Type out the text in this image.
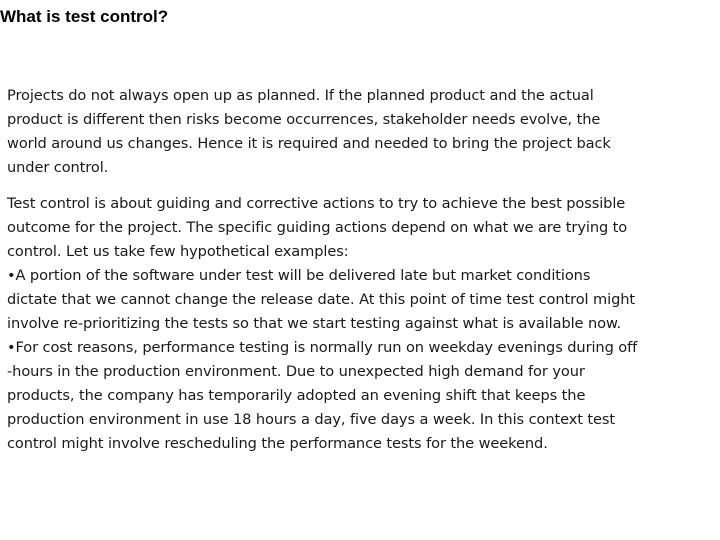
What is test control?

Projects do not always open up as planned. If the planned product and the actual
product is different then risks become occurrences, stakeholder needs evolve, the
world around us changes. Hence it is required and needed to bring the project back
under control.

Test control is about guiding and corrective actions to try to achieve the best possible
outcome for the project. The specific guiding actions depend on what we are trying to
control. Let us take few hypothetical examples:
•A portion of the software under test will be delivered late but market conditions
dictate that we cannot change the release date. At this point of time test control might
involve re-prioritizing the tests so that we start testing against what is available now.
•For cost reasons, performance testing is normally run on weekday evenings during off
-hours in the production environment. Due to unexpected high demand for your
products, the company has temporarily adopted an evening shift that keeps the
production environment in use 18 hours a day, five days a week. In this context test
control might involve rescheduling the performance tests for the weekend.
